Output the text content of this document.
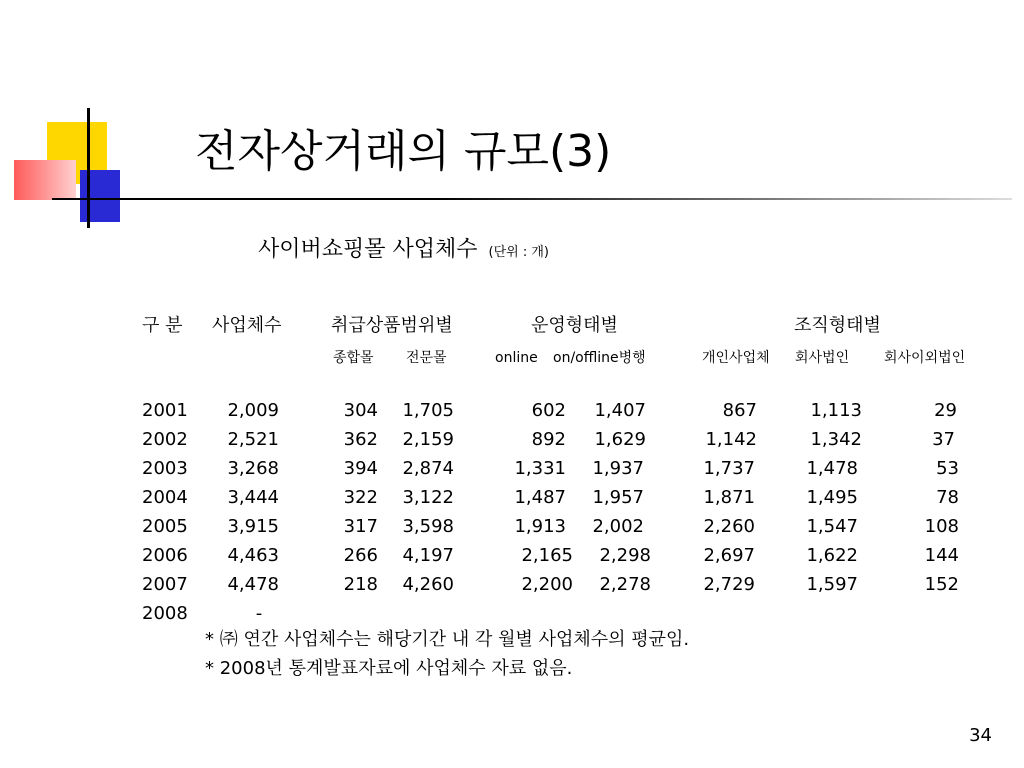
전자상거래의 규모(3)
사이버쇼핑몰 사업체수 (단위 : 개)
구 분 사업체수	취급상품범위별	운영형태별	조직형태별
종합몰 전문몰	online on/offline병행	개인사업체 회사법인 회사이외법인
2001 2,009	304 1,705	602 1,407	867	1,113	29
2002 2,521	362 2,159	892 1,629	1,142	1,342	37
2003 3,268	394 2,874	1,331 1,937	1,737	1,478	53
2004 3,444	322 3,122	1,487 1,957	1,871	1,495	78
2005 3,915	317 3,598	1,913 2,002	2,260	1,547	108
2006 4,463	266 4,197	2,165 2,298	2,697	1,622	144
2007 4,478	218 4,260	2,200 2,278	2,729	1,597	152
2008	-
* ㈜ 연간 사업체수는 해당기간 내 각 월별 사업체수의 평균임.
* 2008년 통계발표자료에 사업체수 자료 없음.
34
